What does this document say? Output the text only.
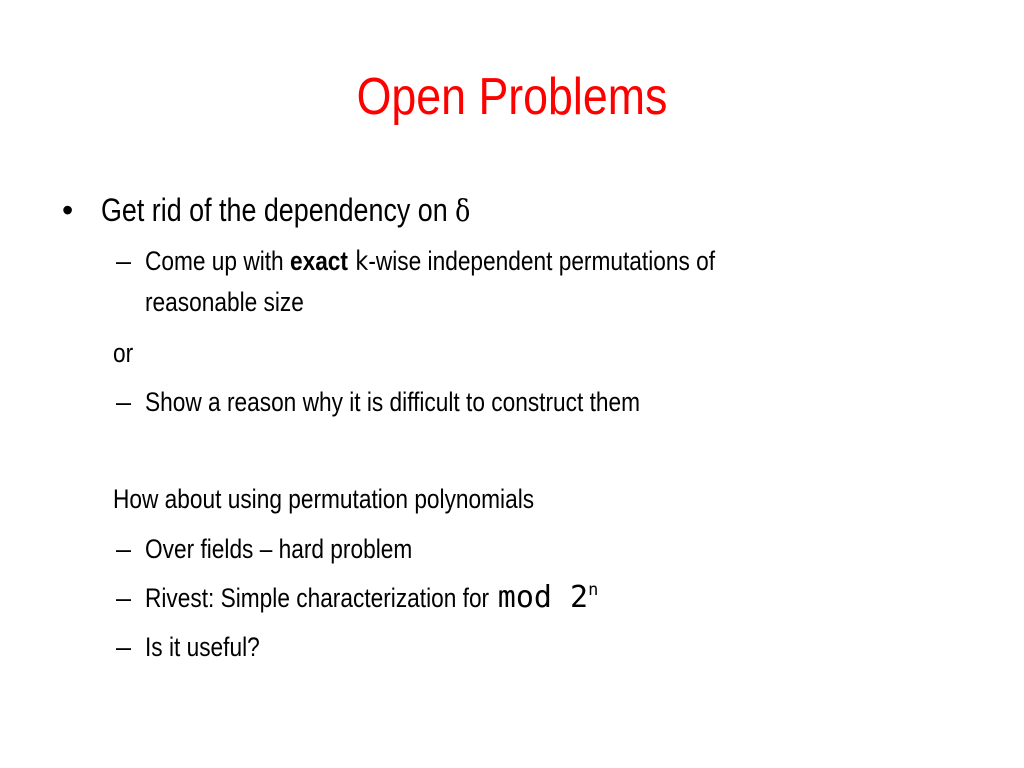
Open Problems
• Get rid of the dependency on δ
– Come up with exact k-wise independent permutations of
reasonable size
or
– Show a reason why it is difficult to construct them
How about using permutation polynomials
– Over fields – hard problem
– Rivest: Simple characterization for mod 2$^n$
– Is it useful?
